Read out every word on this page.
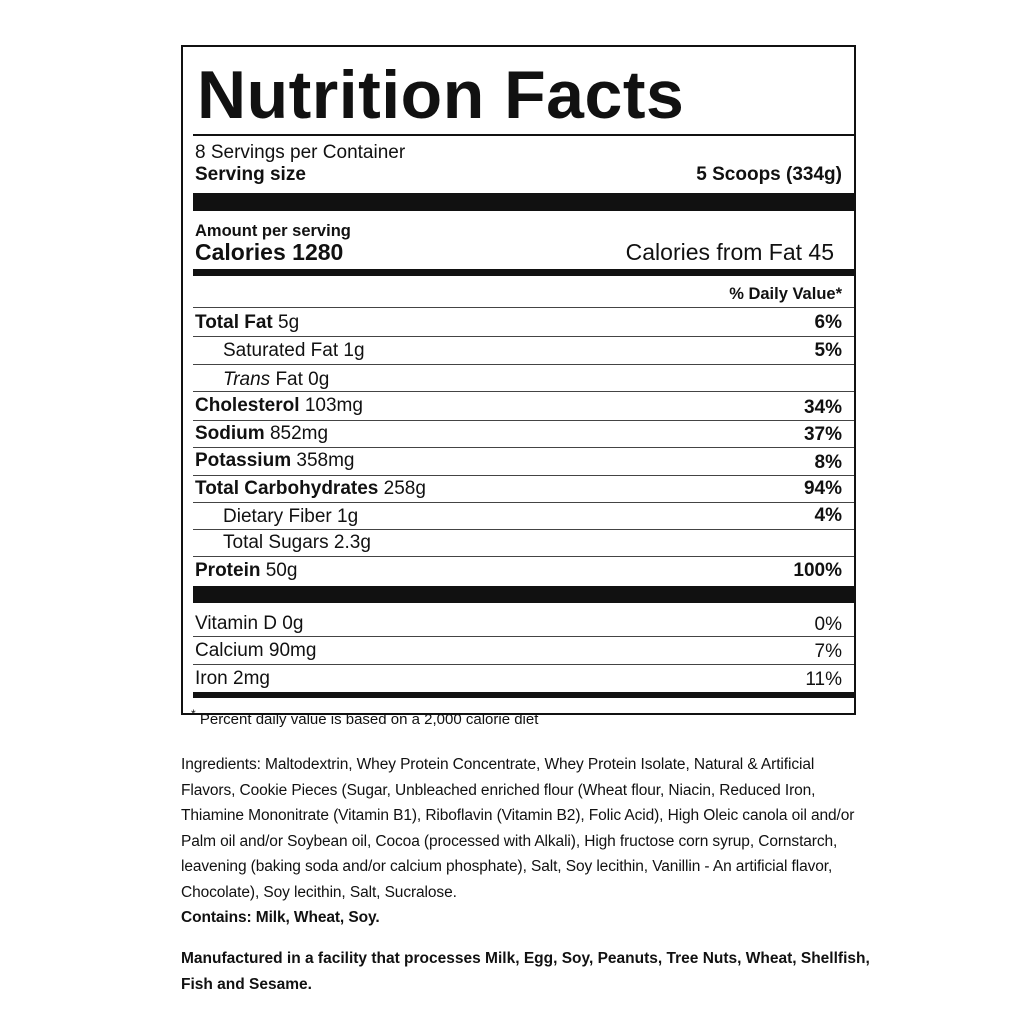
Nutrition Facts
8 Servings per Container
Serving size	5 Scoops (334g)
Amount per serving
Calories 1280	Calories from Fat 45
% Daily Value*
Total Fat 5g	6%
Saturated Fat 1g	5%
Trans Fat 0g
Cholesterol 103mg	34%
Sodium 852mg	37%
Potassium 358mg	8%
Total Carbohydrates 258g	94%
Dietary Fiber 1g	4%
Total Sugars 2.3g
Protein 50g	100%
Vitamin D 0g	0%
Calcium 90mg	7%
Iron 2mg	11%
* Percent daily value is based on a 2,000 calorie diet

Ingredients: Maltodextrin, Whey Protein Concentrate, Whey Protein Isolate, Natural & Artificial Flavors, Cookie Pieces (Sugar, Unbleached enriched flour (Wheat flour, Niacin, Reduced Iron, Thiamine Mononitrate (Vitamin B1), Riboflavin (Vitamin B2), Folic Acid), High Oleic canola oil and/or Palm oil and/or Soybean oil, Cocoa (processed with Alkali), High fructose corn syrup, Cornstarch, leavening (baking soda and/or calcium phosphate), Salt, Soy lecithin, Vanillin - An artificial flavor, Chocolate), Soy lecithin, Salt, Sucralose.

Contains: Milk, Wheat, Soy.

Manufactured in a facility that processes Milk, Egg, Soy, Peanuts, Tree Nuts, Wheat, Shellfish, Fish and Sesame.
